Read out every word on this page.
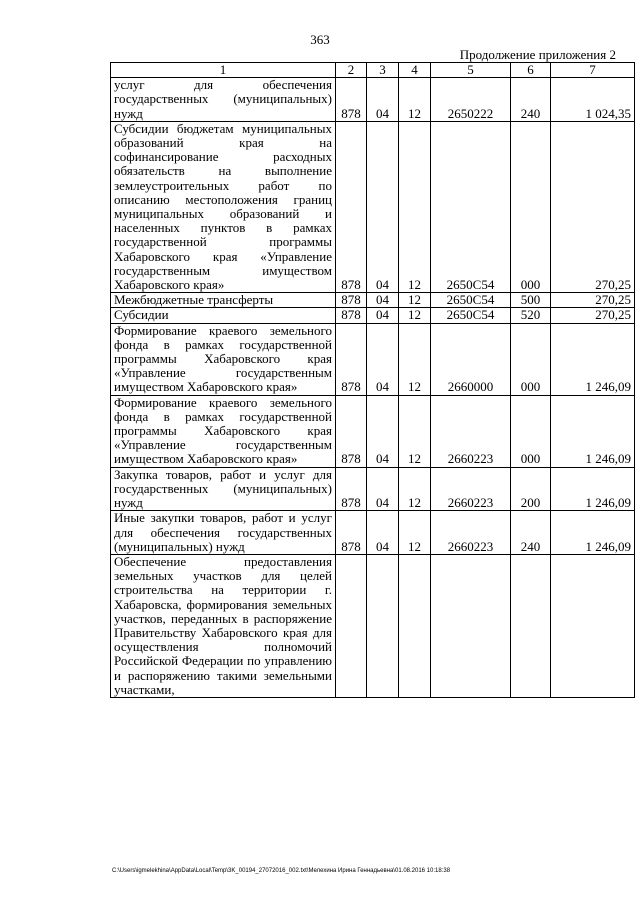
363
Продолжение приложения 2
1	2	3	4	5	6	7
услуг для обеспечения государственных (муниципальных) нужд	878	04	12	2650222	240	1 024,35
Субсидии бюджетам муниципальных образований края на софинансирование расходных обязательств на выполнение землеустроительных работ по описанию местоположения границ муниципальных образований и населенных пунктов в рамках государственной программы Хабаровского края «Управление государственным имуществом Хабаровского края»	878	04	12	2650С54	000	270,25
Межбюджетные трансферты	878	04	12	2650С54	500	270,25
Субсидии	878	04	12	2650С54	520	270,25
Формирование краевого земельного фонда в рамках государственной программы Хабаровского края «Управление государственным имуществом Хабаровского края»	878	04	12	2660000	000	1 246,09
Формирование краевого земельного фонда в рамках государственной программы Хабаровского края «Управление государственным имуществом Хабаровского края»	878	04	12	2660223	000	1 246,09
Закупка товаров, работ и услуг для государственных (муниципальных) нужд	878	04	12	2660223	200	1 246,09
Иные закупки товаров, работ и услуг для обеспечения государственных (муниципальных) нужд	878	04	12	2660223	240	1 246,09
Обеспечение предоставления земельных участков для целей строительства на территории г. Хабаровска, формирования земельных участков, переданных в распоряжение Правительству Хабаровского края для осуществления полномочий Российской Федерации по управлению и распоряжению такими земельными участками,						
C:\Users\igmelekhina\AppData\Local\Temp\3K_00194_27072016_002.txt\Мелехина Ирина Геннадьевна\01.08.2016 10:18:38
